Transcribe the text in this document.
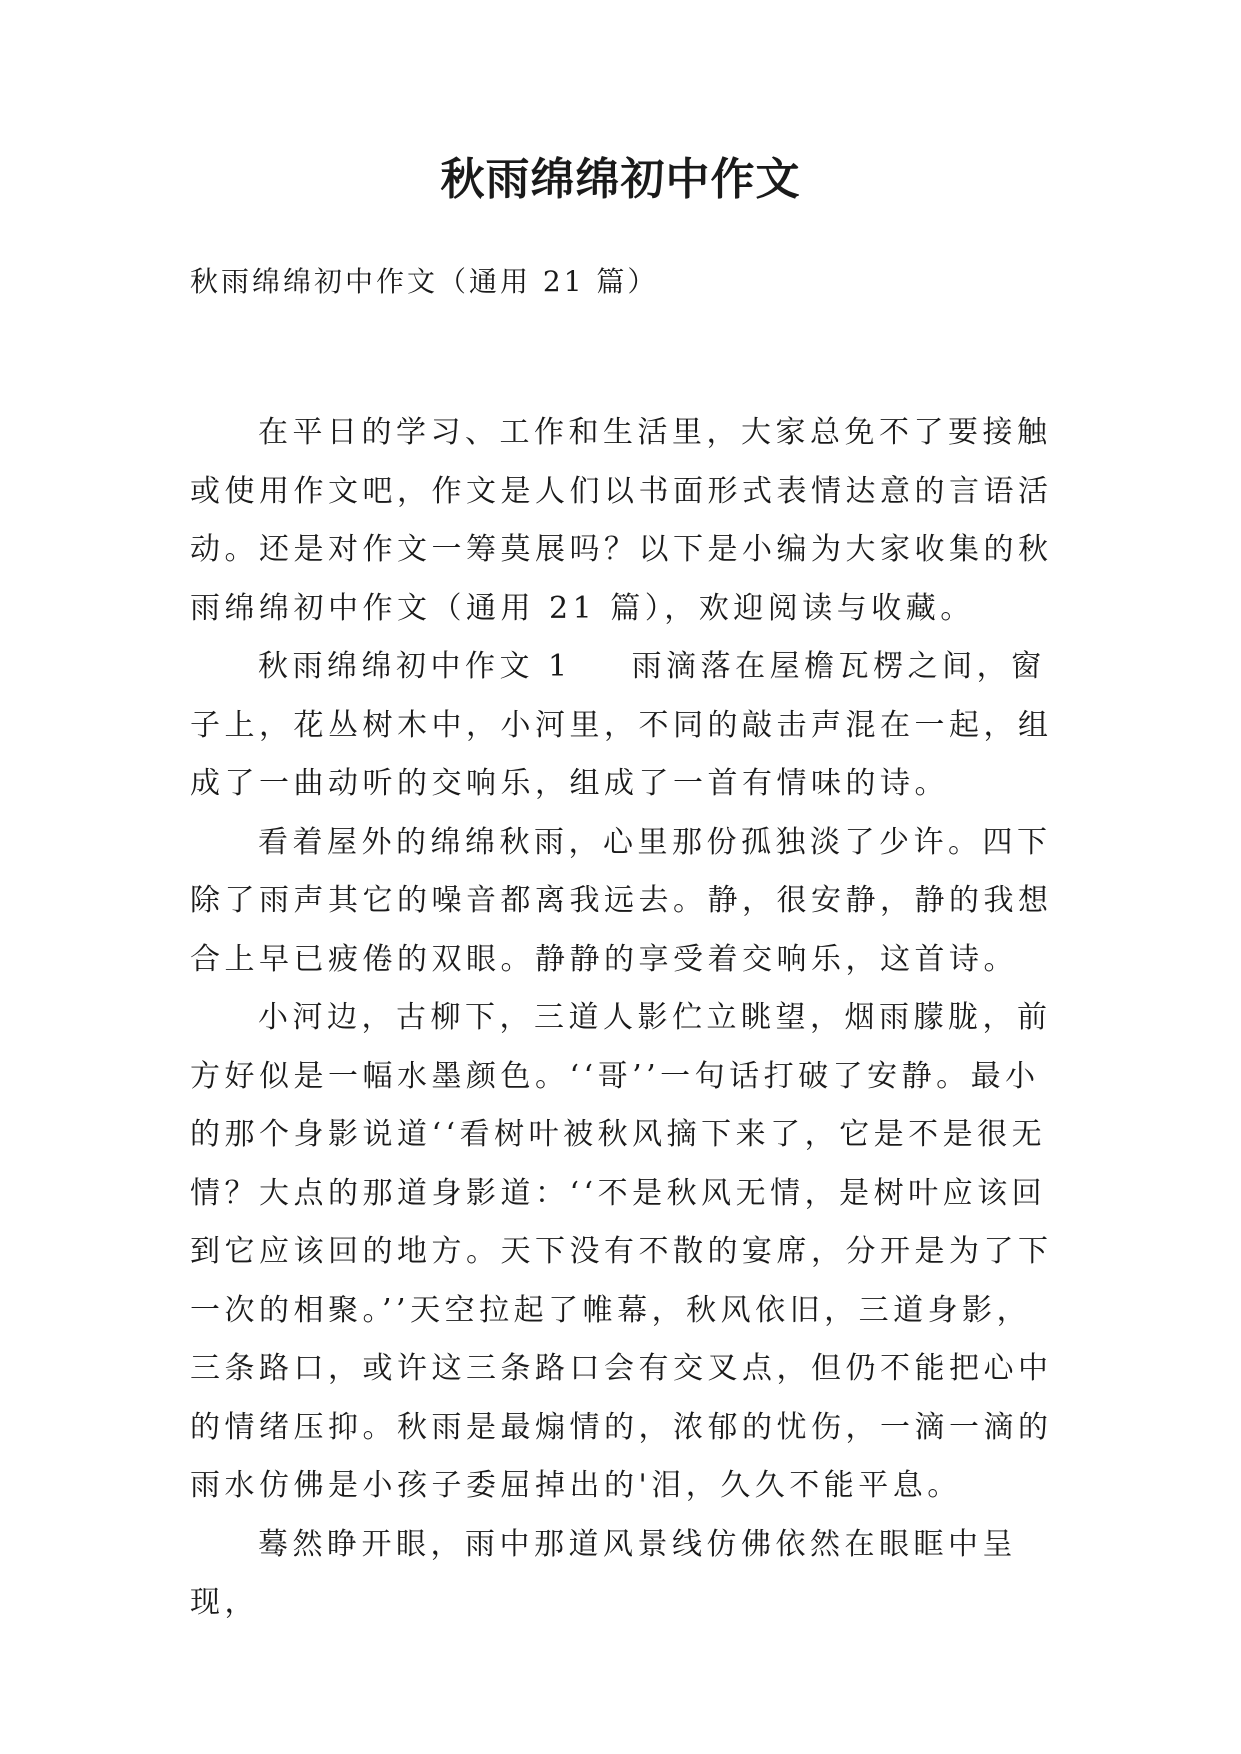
秋雨绵绵初中作文

秋雨绵绵初中作文（通用 21 篇）

在平日的学习、工作和生活里，大家总免不了要接触或使用作文吧，作文是人们以书面形式表情达意的言语活动。还是对作文一筹莫展吗？以下是小编为大家收集的秋雨绵绵初中作文（通用 21 篇），欢迎阅读与收藏。

秋雨绵绵初中作文 1 雨滴落在屋檐瓦楞之间，窗子上，花丛树木中，小河里，不同的敲击声混在一起，组成了一曲动听的交响乐，组成了一首有情味的诗。

看着屋外的绵绵秋雨，心里那份孤独淡了少许。四下除了雨声其它的噪音都离我远去。静，很安静，静的我想合上早已疲倦的双眼。静静的享受着交响乐，这首诗。

小河边，古柳下，三道人影伫立眺望，烟雨朦胧，前方好似是一幅水墨颜色。‘‘哥’’一句话打破了安静。最小的那个身影说道‘‘看树叶被秋风摘下来了，它是不是很无情？大点的那道身影道：‘‘不是秋风无情，是树叶应该回到它应该回的地方。天下没有不散的宴席，分开是为了下一次的相聚。’’天空拉起了帷幕，秋风依旧，三道身影，三条路口，或许这三条路口会有交叉点，但仍不能把心中的情绪压抑。秋雨是最煽情的，浓郁的忧伤，一滴一滴的雨水仿佛是小孩子委屈掉出的'泪，久久不能平息。

蓦然睁开眼，雨中那道风景线仿佛依然在眼眶中呈现，
